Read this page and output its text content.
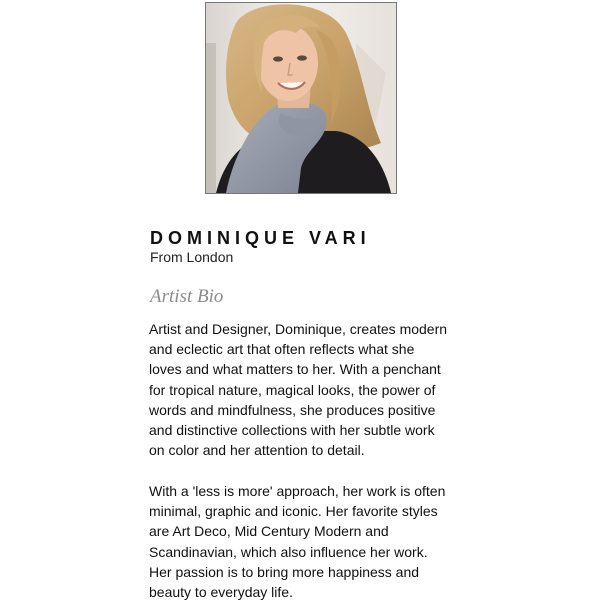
DOMINIQUE VARI
From London
Artist Bio
Artist and Designer, Dominique, creates modern
and eclectic art that often reflects what she
loves and what matters to her. With a penchant
for tropical nature, magical looks, the power of
words and mindfulness, she produces positive
and distinctive collections with her subtle work
on color and her attention to detail.
With a 'less is more' approach, her work is often
minimal, graphic and iconic. Her favorite styles
are Art Deco, Mid Century Modern and
Scandinavian, which also influence her work.
Her passion is to bring more happiness and
beauty to everyday life.
